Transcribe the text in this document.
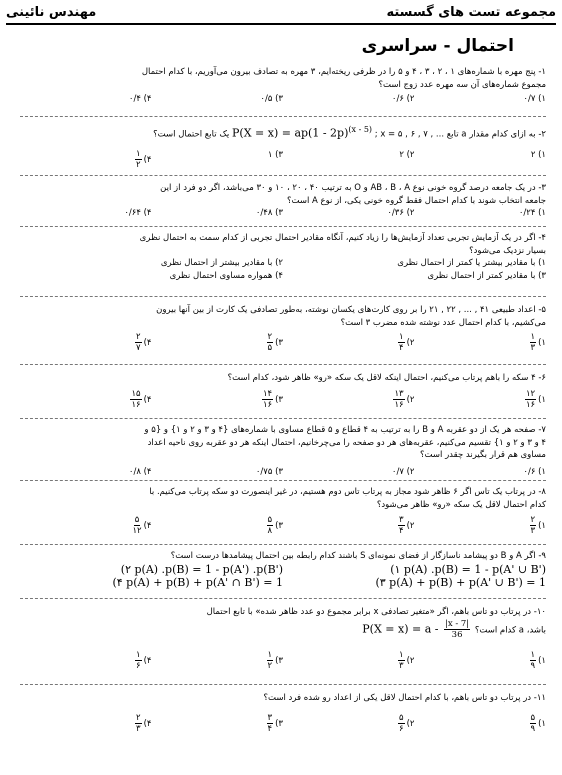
مهندس نائینی	مجموعه تست های گسسته
احتمال - سراسری
۱- پنج مهره با شماره‌های ۱ ، ۲ ، ۳ ، ۴ و ۵ را در ظرفی ریخته‌ایم، ۳ مهره به تصادف بیرون می‌آوریم، با کدام احتمال
مجموع شماره‌های آن سه مهره عدد زوج است؟
۱) ۰/۷
۲) ۰/۶
۳) ۰/۵
۴) ۰/۴
۲- به ازای کدام مقدار a تابع ... , ۷ , ۶ , ۵ = x ; P(X = x) = ap(1 - 2p)$^{(x - 5)}$ یک تابع احتمال است؟
۱) ۲
۲) ۲
۳) ۱
۴)
$\frac{۱}{۲}$
۳- در یک جامعه درصد گروه خونی نوع AB ، B ، A و O به ترتیب ۴۰ ، ۲۰ ، ۱۰ و ۳۰ می‌باشد، اگر دو فرد از این
جامعه انتخاب شوند با کدام احتمال فقط گروه خونی یکی، از نوع A است؟
۱) ۰/۲۴
۲) ۰/۳۶
۳) ۰/۴۸
۴) ۰/۶۴
۴- اگر در یک آزمایش تجربی تعداد آزمایش‌ها را زیاد کنیم، آنگاه مقادیر احتمال تجربی از کدام سمت به احتمال نظری
بسیار نزدیک می‌شود؟
۱) با مقادیر بیشتر یا کمتر از احتمال نظری
۲) با مقادیر بیشتر از احتمال نظری
۳) با مقادیر کمتر از احتمال نظری
۴) همواره مساوی احتمال نظری
۵- اعداد طبیعی ۴۱ , ... , ۲۲ , ۲۱ را بر روی کارت‌های یکسان نوشته، به‌طور تصادفی یک کارت از بین آنها بیرون
می‌کشیم، با کدام احتمال عدد نوشته شده مضرب ۳ است؟
۱)
$\frac{۱}{۳}$
۲)
$\frac{۱}{۴}$
۳)
$\frac{۲}{۵}$
۴)
$\frac{۲}{۷}$
۶- ۴ سکه را باهم پرتاب می‌کنیم، احتمال اینکه لاقل یک سکه «رو» ظاهر شود، کدام است؟
۱)
$\frac{۱۲}{۱۶}$
۲)
$\frac{۱۳}{۱۶}$
۳)
$\frac{۱۴}{۱۶}$
۴)
$\frac{۱۵}{۱۶}$
۷- صفحه هر یک از دو عقربه A و B را به ترتیب به ۴ قطاع و ۵ قطاع مساوی با شماره‌های {۴ و ۳ و ۲ و ۱} و {۵ و
۴ و ۳ و ۲ و ۱} تقسیم می‌کنیم، عقربه‌های هر دو صفحه را می‌چرخانیم، احتمال اینکه هر دو عقربه روی ناحیه اعداد
مساوی هم قرار بگیرند چقدر است؟
۱) ۰/۶
۲) ۰/۷
۳) ۰/۷۵
۴) ۰/۸
۸- در پرتاب یک تاس اگر ۶ ظاهر شود مجاز به پرتاب تاس دوم هستیم، در غیر اینصورت دو سکه پرتاب می‌کنیم. با
کدام احتمال لاقل یک سکه «رو» ظاهر می‌شود؟
۱)
$\frac{۲}{۳}$
۲)
$\frac{۳}{۴}$
۳)
$\frac{۵}{۸}$
۴)
$\frac{۵}{۱۲}$
۹- اگر A و B دو پیشامد ناسازگار از فضای نمونه‌ای S باشند کدام رابطه بین احتمال پیشامدها درست است؟
(۱ p(A) .p(B) = 1 - p(A' ∪ B')
(۲ p(A) .p(B) = 1 - p(A') .p(B')
(۳ p(A) + p(B) + p(A' ∪ B') = 1
(۴ p(A) + p(B) + p(A' ∩ B') = 1
۱۰- در پرتاب دو تاس باهم، اگر «متغیر تصادفی x برابر مجموع دو عدد ظاهر شده» با تابع احتمال
باشد، a کدام است؟ $P(X = x) = a - \frac{|x - 7|}{36}$
۱)
$\frac{۱}{۹}$
۲)
$\frac{۱}{۳}$
۳)
$\frac{۱}{۲}$
۴)
$\frac{۱}{۶}$
۱۱- در پرتاب دو تاس باهم، با کدام احتمال لاقل یکی از اعداد رو شده فرد است؟
۱)
$\frac{۵}{۹}$
۲)
$\frac{۵}{۶}$
۳)
$\frac{۳}{۴}$
۴)
$\frac{۲}{۳}$
